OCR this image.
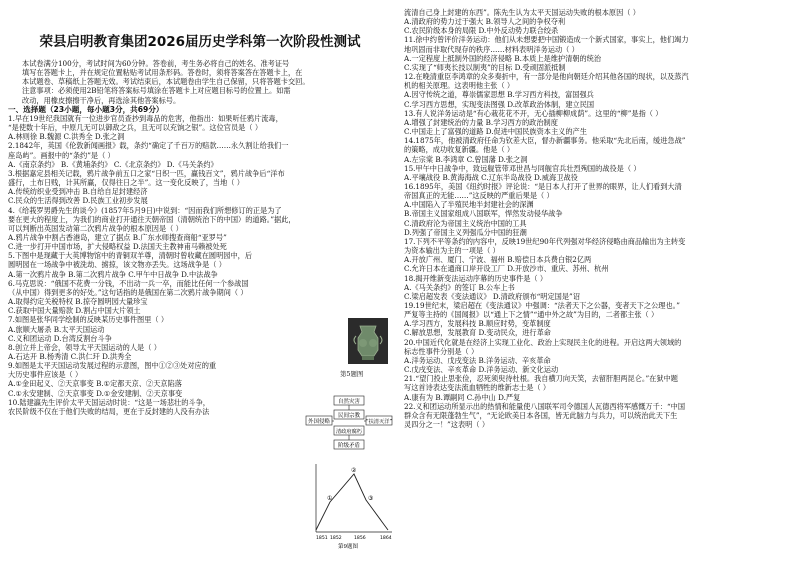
荣县启明教育集团2026届历史学科第一次阶段性测试
本试卷满分100分，考试时间为60分钟。答卷前，考生务必将自己的姓名、准考证号
填写在答题卡上，并在规定位置粘贴考试用条形码。答卷时，须将答案答在答题卡上，在
本试题卷、草稿纸上答题无效。考试结束后，本试题卷由学生自己保留，只将答题卡交回。
注意事项：必须使用2B铅笔将答案标号填涂在答题卡上对应题目标号的位置上。如需
改动，用橡皮擦擦干净后，再选涂其他答案标号。
一、选择题（23小题，每小题3分，共69分）
1.早在19世纪我国就有一位进步官员查抄到毒品的危害，他指出：如果听任鸦片流毒，
“是使数十年后，中原几无可以御敌之兵，且无可以充饷之银”。这位官员是（ ）
A.林则徐 B.魏源 C.洪秀全 D.张之洞
2.1842年，英国《伦敦新闻画报》载，条约“确定了千百万的赔款……永久割让给我们一
座岛屿”。画报中的“条约”是（ ）
A.《南京条约》 B.《黄埔条约》 C.《北京条约》 D.《马关条约》
3.根据嘉定县相关记载，鸦片战争前五口之家“日织一匹，赢钱百文”，鸦片战争后“洋布
盛行，土布日贱，计其所赢，仅得往日之半”。这一变化反映了，当地（ ）
A.传统纺织业受到冲击 B.自给自足封建经济
C.民众的生活得到改善 D.民族工业初步发展
4.《给莪罗男爵先生的谈今》(1857年5月9日)中说到：“因而我们所想修订的正是为了
要在更大的程度上，为我们的商业打开通往天朝帝国（清朝统治下的中国）的道路。”据此，
可以判断出英国发动第二次鸦片战争的根本原因是（ ）
A.鸦片战争中割占香港岛，建立了据点 B.广东水师搜查商船“亚罗号”
C.进一步打开中国市场，扩大侵略权益 D.法国天主教神甫马赖被处死
5.下图中是现藏于大英博物馆中的青铜双羊尊，清朝时曾收藏在圆明园中，后
圆明园在一场战争中被洗劫、掳掠，该文物亦丢失。这场战争是（ ）
A.第一次鸦片战争 B.第二次鸦片战争 C.甲午中日战争 D.中法战争
6.马克思说：“俄国不花费一分钱，不出动一兵一卒，而能比任何一个参战国
（从中国）得到更多的好处。”这句话指的是俄国在第二次鸦片战争期间（ ）
A.取得约定关税特权 B.掠夺圆明园大量珍宝
C.获取中国大量赔款 D.割占中国大片领土
7.如图是张华同学绘制的反映某历史事件图里（ ）
A.旅顺大屠杀 B.太平天国运动
C.义和团运动 D.台湾反割台斗争
8.创立并上帝会，领导太平天国运动的人是（ ）
A.石达开 B.杨秀清 C.洪仁玕 D.洪秀全
9.如图是太平天国运动发展过程的示意图，图中①②③处对应的重
大历史事件应该是（ ）
A.①金田起义、②天京事变 B.①定都天京、②天京陷落
C.①永安建制、②天京事变 D.①金安建制、②天京事变
10.陆建瀛先生评价太平天国运动时说：“这是一场悲壮的斗争，
农民阶级不仅在于他们失败的结局，更在于反封建的人没有办法
第5题图
自然灾害
外国侵略
民间宗教
“扶清灭洋”
清政府腐朽
阶级矛盾
①
②
③
1851 1852	1856	1864
第9题图
流清自己身上封建的东西”。陈先生认为太平天国运动失败的根本原因（ ）
A.清政府的势力过于强大 B.领导人之间的争权夺利
C.农民阶级本身的局限 D.中外反动势力联合绞杀
11.徐中约曾评价洋务运动：他们从未想要把中国锻造成一个新式国家，事实上，他们竭力
地巩固而非取代现存的秩序……材料表明洋务运动（ ）
A.一定程度上抵制外国的经济侵略 B.本质上是维护清朝的统治
C.实现了“师夷长技以制夷”的目标 D.受顽固派抵制
12.在晚清重臣李鸿章的众多奏折中，有一部分是他向朝廷介绍其他各国的现状，以及蒸汽
机的相关原理。这表明他主张（ ）
A.因守传统之道，尊崇儒家思想 B.学习西方科技，富国强兵
C.学习西方思想，实现变法图强 D.改革政治体制，建立民国
13.有人说洋务运动是“有心栽花花不开，无心插柳柳成荫”。这里的“柳”是指（ ）
A.增强了封建统治的力量 B.学习西方的政治制度
C.中国走上了富强的道路 D.促进中国民族资本主义的产生
14.1875年，他被清政府任命为钦差大臣，督办新疆事务。他采取“先北后南，缓进急战”
的策略，成功收复新疆。他是（ ）
A.左宗棠 B.李鸿章 C.曾国藩 D.张之洞
15.甲午中日战争中，致远舰管带邓世昌与同舰官兵壮烈殉国的战役是（ ）
A.平壤战役 B.黄海海战 C.辽东半岛战役 D.威海卫战役
16.1895年，美国《纽约时报》评论说：“是日本人打开了世界的眼界，让人们看到大清
帝国真正的无能……”这反映的严重后果是（ ）
A.中国陷入了半殖民地半封建社会的深渊
B.帝国主义国家组成八国联军，悍然发动侵华战争
C.清政府沦为帝国主义统治中国的工具
D.列强了帝国主义列强瓜分中国的狂潮
17.下列不平等条约的内容中，反映19世纪90年代列强对华经济侵略由商品输出为主转变
为资本输出为主的一项是（ ）
A.开放广州、厦门、宁波、福州 B.赔偿日本兵费白银2亿两
C.允许日本在通商口岸开设工厂 D.开放沙市、重庆、苏州、杭州
18.揭开维新变法运动序幕的历史事件是（ ）
A.《马关条约》的签订 B.公车上书
C.梁启超发表《变法通议》 D.清政府颁布“明定国是”诏
19.19世纪末，梁启超在《变法通议》中强调：“法者天下之公器，变者天下之公理也。”
严复等主持的《国闻报》以“通上下之情”“通中外之故”为目的，二者都主张（ ）
A.学习西方，发展科技 B.顺应时势，变革制度
C.解放思想，发展教育 D.变动民众，进行革命
20.中国近代化就是在经济上实现工业化、政治上实现民主化的进程。开启这两大领域的
标志性事件分别是（ ）
A.洋务运动、戊戌变法 B.洋务运动、辛亥革命
C.戊戌变法、辛亥革命 D.洋务运动、新文化运动
21.“望门投止思张俭，忍死须臾待杜根。我自横刀向天笑，去留肝胆两昆仑。”在狱中题
写这首诗表达变法流血牺牲的维新志士是（ ）
A.康有为 B.谭嗣同 C.孙中山 D.严复
22.义和团运动所显示出的热情和能量使八国联军司令德国人瓦德西将军感慨万千：“中国
群众含有无限蓬勃生气”，“无论欧美日本各国，皆无此脑力与兵力，可以统治此天下生
灵四分之一！”这表明（ ）
